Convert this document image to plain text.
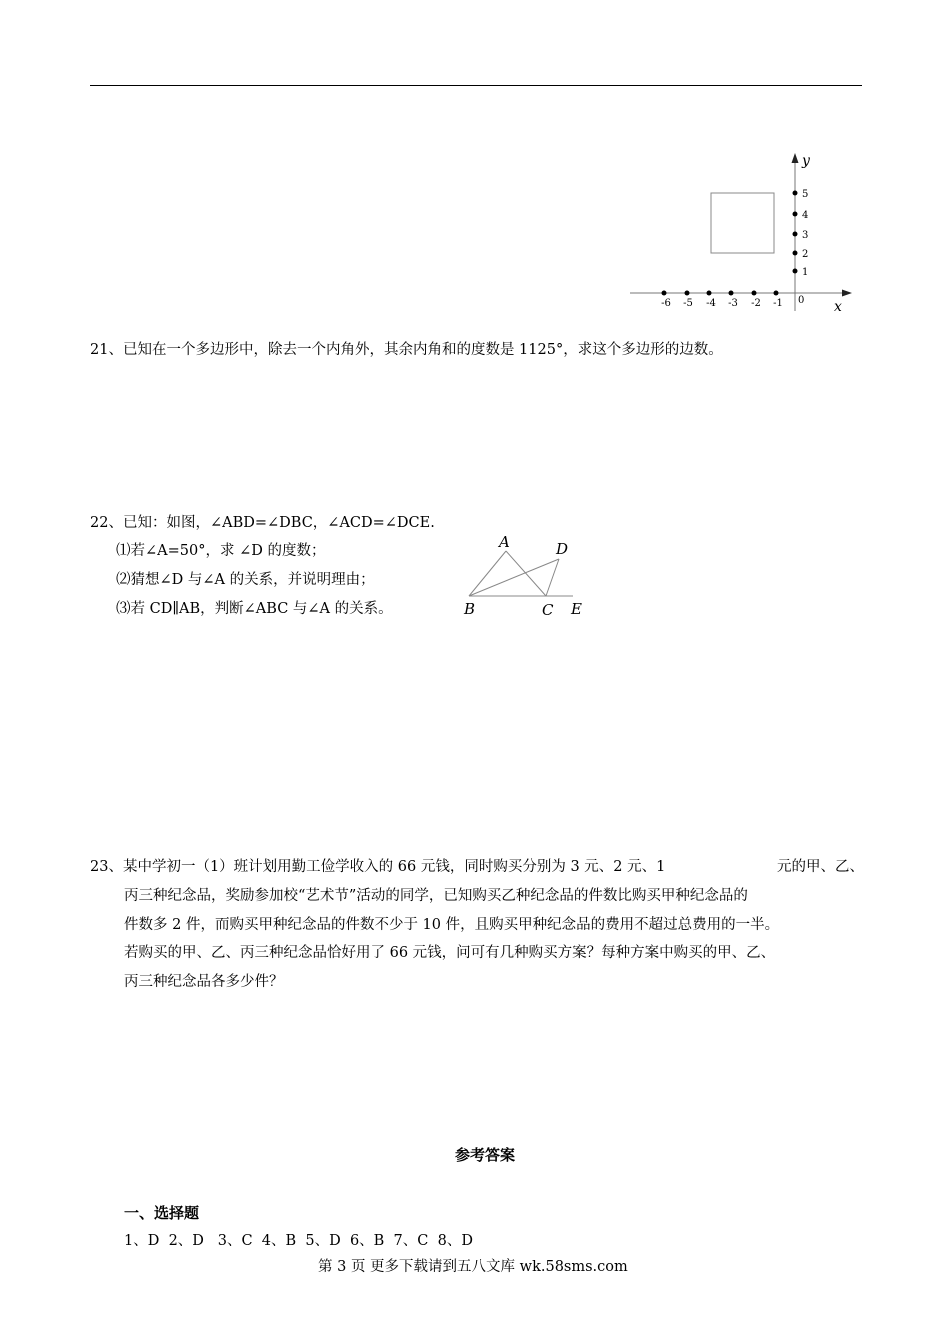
-6 -5 -4 -3 -2 -1
1
2
3
4
5
0
y
x
21、已知在一个多边形中，除去一个内角外，其余内角和的度数是 1125°，求这个多边形的边数。
22、已知：如图，∠ABD=∠DBC，∠ACD=∠DCE.
⑴若∠A=50°，求 ∠D 的度数；
⑵猜想∠D 与∠A 的关系，并说明理由；
⑶若 CD∥AB，判断∠ABC 与∠A 的关系。
A	D
B	C E
23、某中学初一（1）班计划用勤工俭学收入的 66 元钱，同时购买分别为 3 元、2 元、1	元的甲、乙、
丙三种纪念品，奖励参加校“艺术节”活动的同学，已知购买乙种纪念品的件数比购买甲种纪念品的
件数多 2 件，而购买甲种纪念品的件数不少于 10 件，且购买甲种纪念品的费用不超过总费用的一半。
若购买的甲、乙、丙三种纪念品恰好用了 66 元钱，问可有几种购买方案？每种方案中购买的甲、乙、
丙三种纪念品各多少件？
参考答案
一、选择题
1、D  2、D   3、C  4、B  5、D  6、B  7、C  8、D
第 3 页 更多下载请到五八文库 wk.58sms.com
